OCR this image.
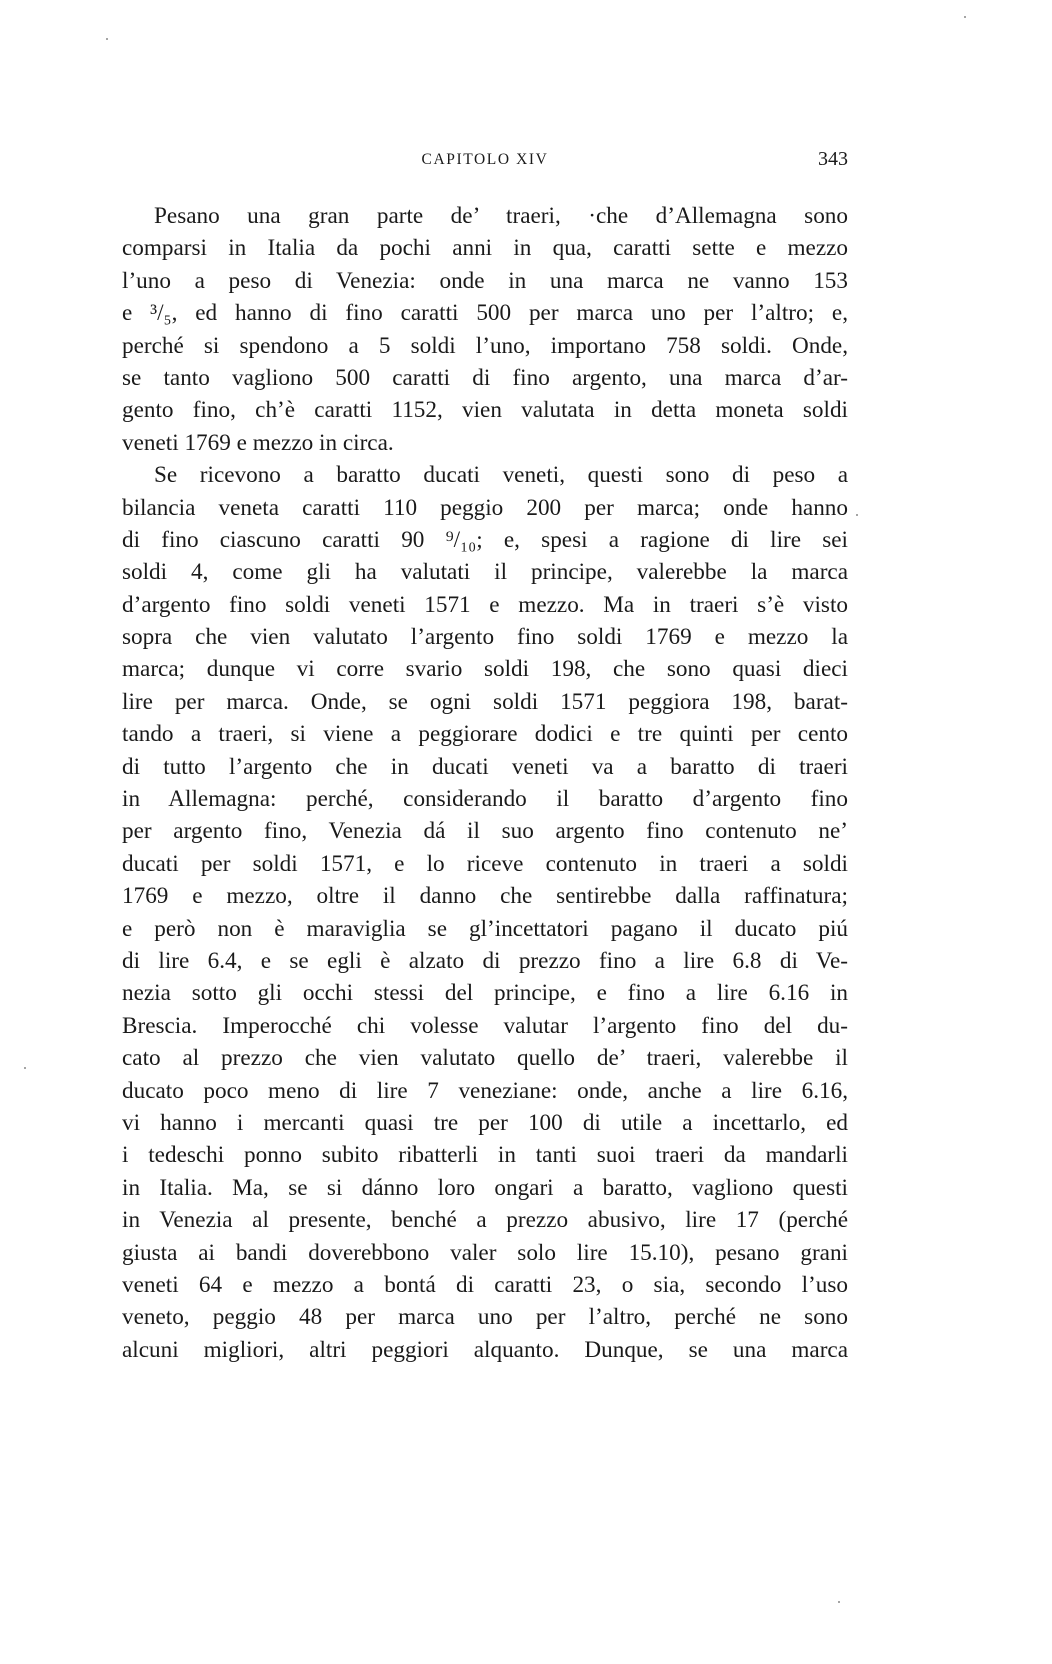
CAPITOLO XIV	343
Pesano una gran parte de’ traeri, ·che d’Allemagna sono
comparsi in Italia da pochi anni in qua, caratti sette e mezzo
l’uno a peso di Venezia: onde in una marca ne vanno 153
e ³/₅, ed hanno di fino caratti 500 per marca uno per l’altro; e,
perché si spendono a 5 soldi l’uno, importano 758 soldi. Onde,
se tanto vagliono 500 caratti di fino argento, una marca d’ar-
gento fino, ch’è caratti 1152, vien valutata in detta moneta soldi
veneti 1769 e mezzo in circa.
Se ricevono a baratto ducati veneti, questi sono di peso a
bilancia veneta caratti 110 peggio 200 per marca; onde hanno
di fino ciascuno caratti 90 ⁹/₁₀; e, spesi a ragione di lire sei
soldi 4, come gli ha valutati il principe, valerebbe la marca
d’argento fino soldi veneti 1571 e mezzo. Ma in traeri s’è visto
sopra che vien valutato l’argento fino soldi 1769 e mezzo la
marca; dunque vi corre svario soldi 198, che sono quasi dieci
lire per marca. Onde, se ogni soldi 1571 peggiora 198, barat-
tando a traeri, si viene a peggiorare dodici e tre quinti per cento
di tutto l’argento che in ducati veneti va a baratto di traeri
in Allemagna: perché, considerando il baratto d’argento fino
per argento fino, Venezia dá il suo argento fino contenuto ne’
ducati per soldi 1571, e lo riceve contenuto in traeri a soldi
1769 e mezzo, oltre il danno che sentirebbe dalla raffinatura;
e però non è maraviglia se gl’incettatori pagano il ducato piú
di lire 6.4, e se egli è alzato di prezzo fino a lire 6.8 di Ve-
nezia sotto gli occhi stessi del principe, e fino a lire 6.16 in
Brescia. Imperocché chi volesse valutar l’argento fino del du-
cato al prezzo che vien valutato quello de’ traeri, valerebbe il
ducato poco meno di lire 7 veneziane: onde, anche a lire 6.16,
vi hanno i mercanti quasi tre per 100 di utile a incettarlo, ed
i tedeschi ponno subito ribatterli in tanti suoi traeri da mandarli
in Italia. Ma, se si dánno loro ongari a baratto, vagliono questi
in Venezia al presente, benché a prezzo abusivo, lire 17 (perché
giusta ai bandi doverebbono valer solo lire 15.10), pesano grani
veneti 64 e mezzo a bontá di caratti 23, o sia, secondo l’uso
veneto, peggio 48 per marca uno per l’altro, perché ne sono
alcuni migliori, altri peggiori alquanto. Dunque, se una marca
